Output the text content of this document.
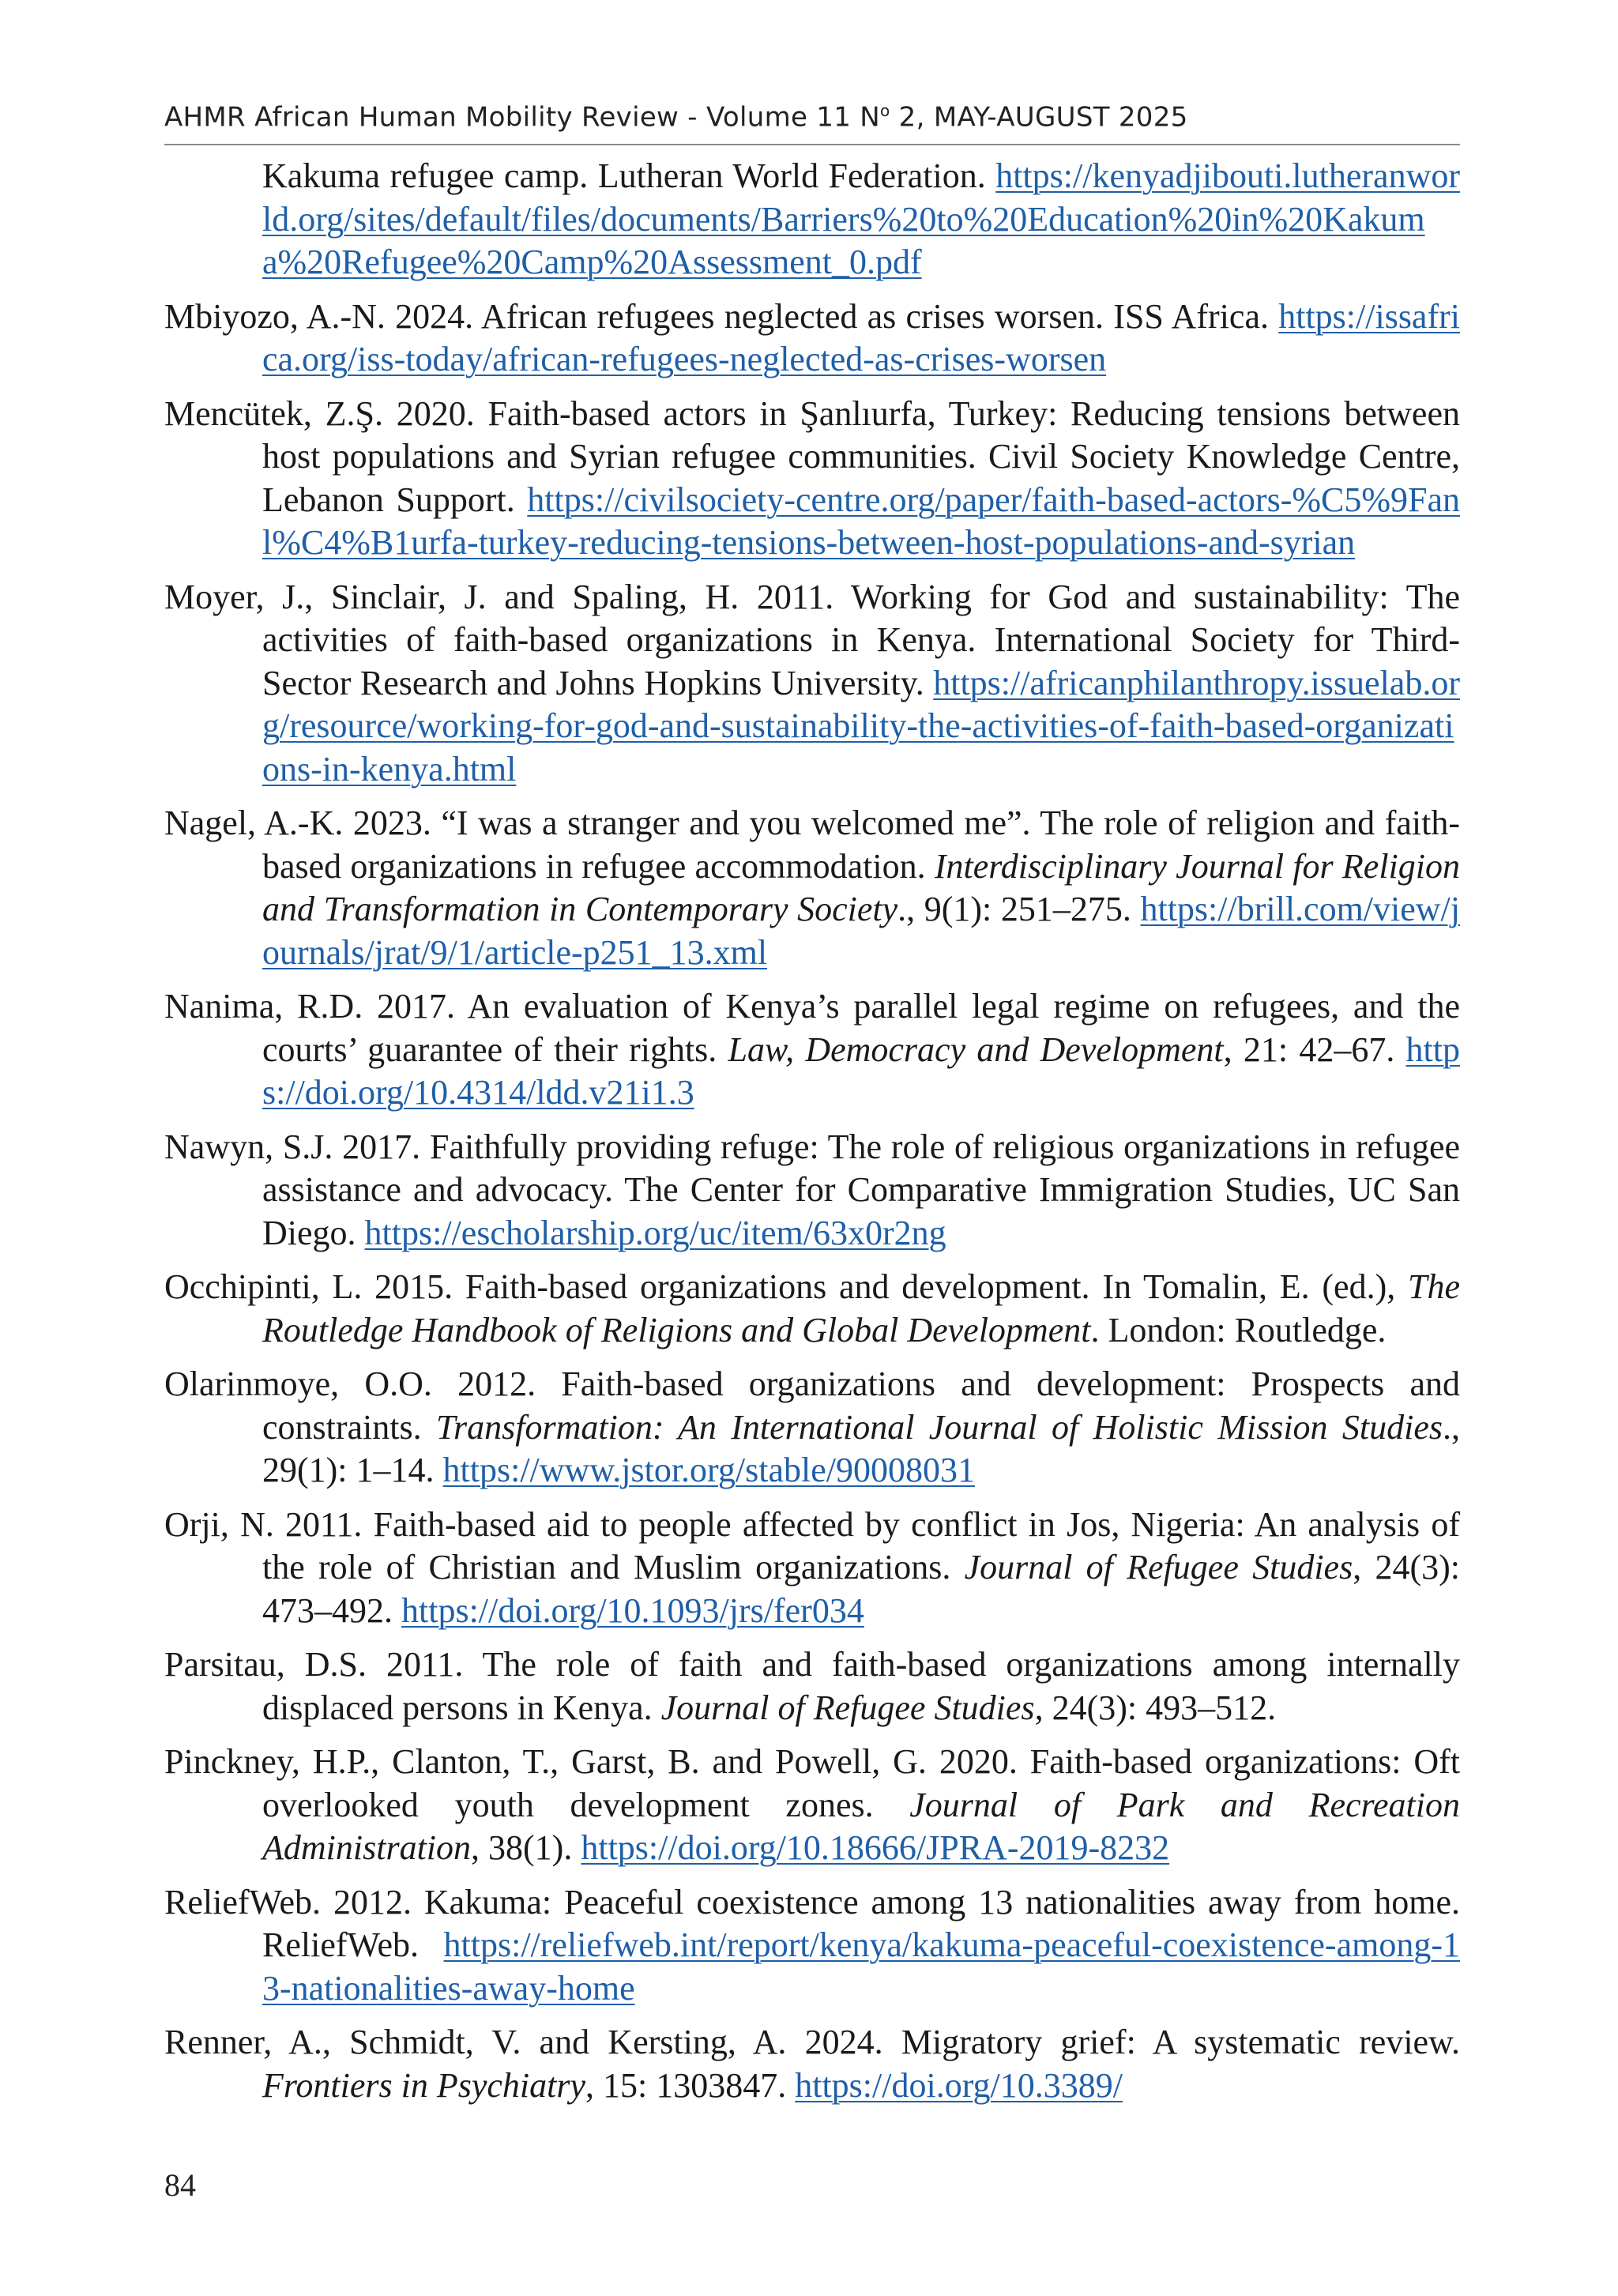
AHMR African Human Mobility Review - Volume 11 $N^o$ 2, MAY-AUGUST 2025

Kakuma refugee camp. Lutheran World Federation. https://kenyadjibouti.lutheranworld.org/sites/default/files/documents/Barriers%20to%20Education%20in%20Kakuma%20Refugee%20Camp%20Assessment_0.pdf

Mbiyozo, A.-N. 2024. African refugees neglected as crises worsen. ISS Africa. https://issafrica.org/iss-today/african-refugees-neglected-as-crises-worsen

Mencütek, Z.Ş. 2020. Faith-based actors in Şanlıurfa, Turkey: Reducing tensions between host populations and Syrian refugee communities. Civil Society Knowledge Centre, Lebanon Support. https://civilsociety-centre.org/paper/faith-based-actors-%C5%9Fanl%C4%B1urfa-turkey-reducing-tensions-between-host-populations-and-syrian

Moyer, J., Sinclair, J. and Spaling, H. 2011. Working for God and sustainability: The activities of faith-based organizations in Kenya. International Society for Third-Sector Research and Johns Hopkins University. https://africanphilanthropy.issuelab.org/resource/working-for-god-and-sustainability-the-activities-of-faith-based-organizations-in-kenya.html

Nagel, A.-K. 2023. “I was a stranger and you welcomed me”. The role of religion and faith-based organizations in refugee accommodation. Interdisciplinary Journal for Religion and Transformation in Contemporary Society., 9(1): 251–275. https://brill.com/view/journals/jrat/9/1/article-p251_13.xml

Nanima, R.D. 2017. An evaluation of Kenya’s parallel legal regime on refugees, and the courts’ guarantee of their rights. Law, Democracy and Development, 21: 42–67. https://doi.org/10.4314/ldd.v21i1.3

Nawyn, S.J. 2017. Faithfully providing refuge: The role of religious organizations in refugee assistance and advocacy. The Center for Comparative Immigration Studies, UC San Diego. https://escholarship.org/uc/item/63x0r2ng

Occhipinti, L. 2015. Faith-based organizations and development. In Tomalin, E. (ed.), The Routledge Handbook of Religions and Global Development. London: Routledge.

Olarinmoye, O.O. 2012. Faith-based organizations and development: Prospects and constraints. Transformation: An International Journal of Holistic Mission Studies., 29(1): 1–14. https://www.jstor.org/stable/90008031

Orji, N. 2011. Faith-based aid to people affected by conflict in Jos, Nigeria: An analysis of the role of Christian and Muslim organizations. Journal of Refugee Studies, 24(3): 473–492. https://doi.org/10.1093/jrs/fer034

Parsitau, D.S. 2011. The role of faith and faith-based organizations among internally displaced persons in Kenya. Journal of Refugee Studies, 24(3): 493–512.

Pinckney, H.P., Clanton, T., Garst, B. and Powell, G. 2020. Faith-based organizations: Oft overlooked youth development zones. Journal of Park and Recreation Administration, 38(1). https://doi.org/10.18666/JPRA-2019-8232

ReliefWeb. 2012. Kakuma: Peaceful coexistence among 13 nationalities away from home. ReliefWeb. https://reliefweb.int/report/kenya/kakuma-peaceful-coexistence-among-13-nationalities-away-home

Renner, A., Schmidt, V. and Kersting, A. 2024. Migratory grief: A systematic review. Frontiers in Psychiatry, 15: 1303847. https://doi.org/10.3389/

84
